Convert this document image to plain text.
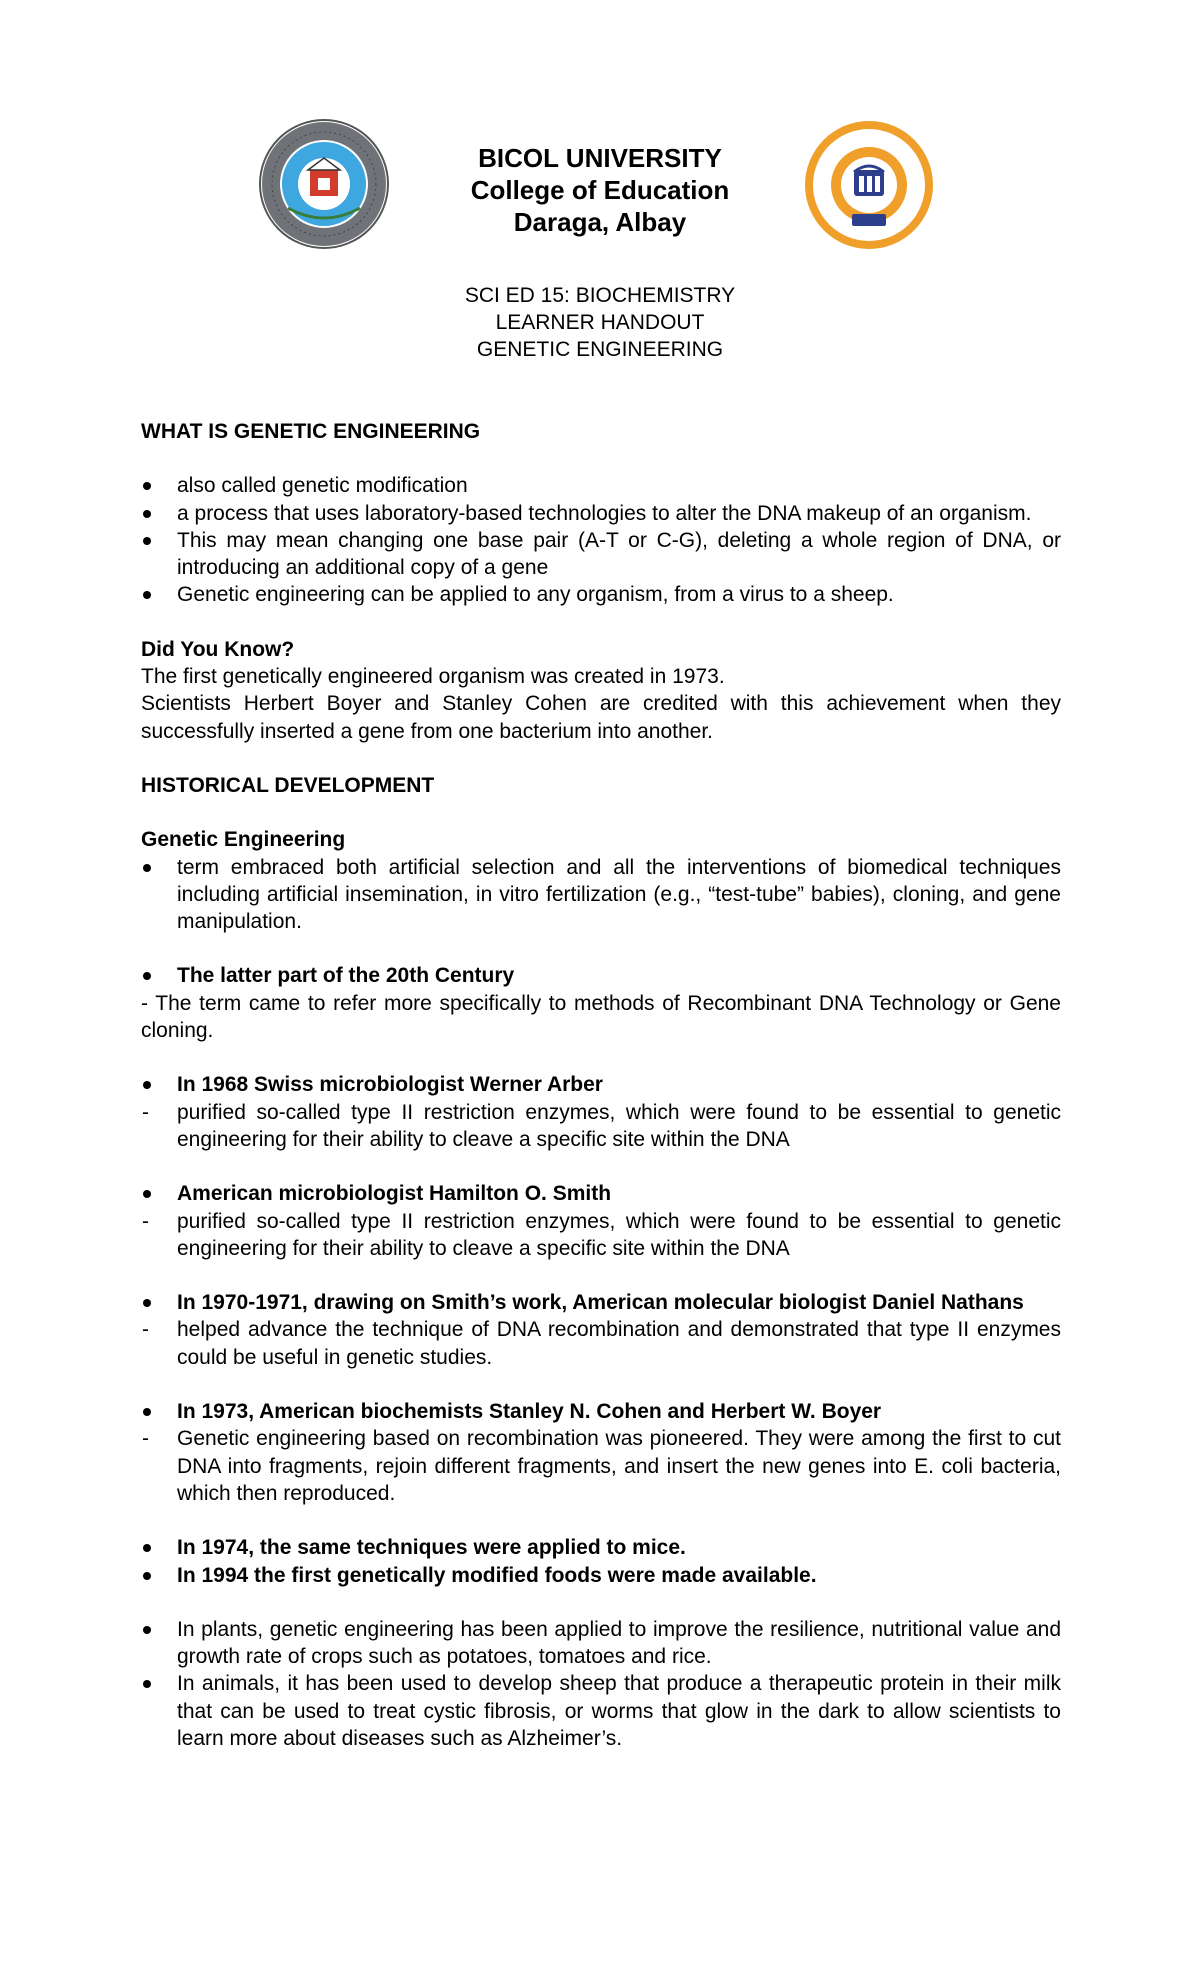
BICOL UNIVERSITY
College of Education
Daraga, Albay
SCI ED 15: BIOCHEMISTRY
LEARNER HANDOUT
GENETIC ENGINEERING

WHAT IS GENETIC ENGINEERING

also called genetic modification
a process that uses laboratory-based technologies to alter the DNA makeup of an organism.
This may mean changing one base pair (A-T or C-G), deleting a whole region of DNA, or introducing an additional copy of a gene
Genetic engineering can be applied to any organism, from a virus to a sheep.

Did You Know?

The first genetically engineered organism was created in 1973.

Scientists Herbert Boyer and Stanley Cohen are credited with this achievement when they successfully inserted a gene from one bacterium into another.

HISTORICAL DEVELOPMENT

Genetic Engineering

term embraced both artificial selection and all the interventions of biomedical techniques including artificial insemination, in vitro fertilization (e.g., “test-tube” babies), cloning, and gene manipulation.
The latter part of the 20th Century

- The term came to refer more specifically to methods of Recombinant DNA Technology or Gene cloning.

In 1968 Swiss microbiologist Werner Arber
- purified so-called type II restriction enzymes, which were found to be essential to genetic engineering for their ability to cleave a specific site within the DNA
American microbiologist Hamilton O. Smith
- purified so-called type II restriction enzymes, which were found to be essential to genetic engineering for their ability to cleave a specific site within the DNA
In 1970-1971, drawing on Smith’s work, American molecular biologist Daniel Nathans
- helped advance the technique of DNA recombination and demonstrated that type II enzymes could be useful in genetic studies.
In 1973, American biochemists Stanley N. Cohen and Herbert W. Boyer
- Genetic engineering based on recombination was pioneered. They were among the first to cut DNA into fragments, rejoin different fragments, and insert the new genes into E. coli bacteria, which then reproduced.
In 1974, the same techniques were applied to mice.
In 1994 the first genetically modified foods were made available.
In plants, genetic engineering has been applied to improve the resilience, nutritional value and growth rate of crops such as potatoes, tomatoes and rice.
In animals, it has been used to develop sheep that produce a therapeutic protein in their milk that can be used to treat cystic fibrosis, or worms that glow in the dark to allow scientists to learn more about diseases such as Alzheimer’s.
